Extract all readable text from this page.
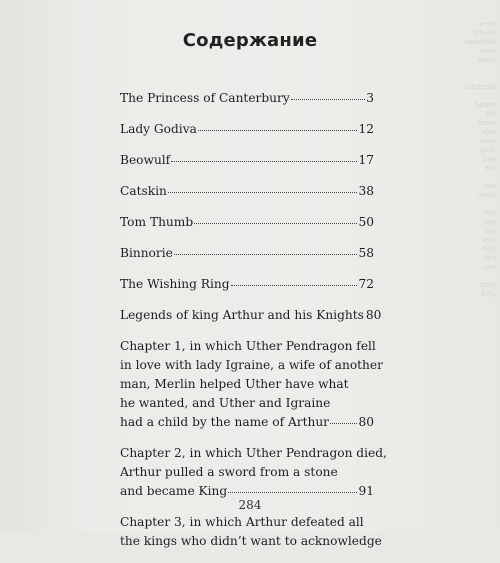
mew
wiedly
mebooks
wote
tuam

mensrbu

wamd
rol
word
jeds
wole
drag
gad
ere

mal
ylate

yiw
pos
yat
yaw
dive
yuo
yos

your
alyd
Содержание
The Princess of Canterbury	3
Lady Godiva	12
Beowulf	17
Catskin	38
Tom Thumb	50
Binnorie	58
The Wishing Ring	72
Legends of king Arthur and his Knights 80
Chapter 1, in which Uther Pendragon fell
in love with lady Igraine, a wife of another
man, Merlin helped Uther have what
he wanted, and Uther and Igraine
had a child by the name of Arthur 80
Chapter 2, in which Uther Pendragon died,
Arthur pulled a sword from a stone
and became King	91
Chapter 3, in which Arthur defeated all
the kings who didn’t want to acknowledge
284
